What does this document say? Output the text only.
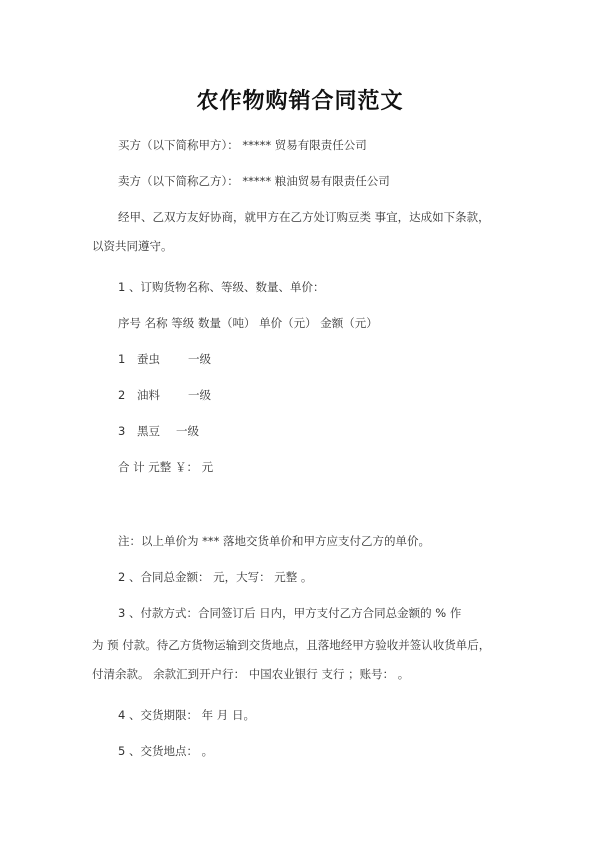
农作物购销合同范文
买方（以下简称甲方）： ***** 贸易有限责任公司
卖方（以下简称乙方）： ***** 粮油贸易有限责任公司
经甲、乙双方友好协商，就甲方在乙方处订购豆类 事宜，达成如下条款，
以资共同遵守。
1 、订购货物名称、等级、数量、单价：
序号 名称 等级 数量（吨） 单价（元） 金额（元）
1 蚕虫 一级
2 油料 一级
3 黑豆 一级
合 计 元整 ￥： 元
注：以上单价为 *** 落地交货单价和甲方应支付乙方的单价。
2 、合同总金额： 元，大写： 元整 。
3 、付款方式：合同签订后 日内，甲方支付乙方合同总金额的 % 作
为 预 付款。待乙方货物运输到交货地点，且落地经甲方验收并签认收货单后，
付清余款。 余款汇到开户行： 中国农业银行 支行 ；账号： 。
4 、交货期限： 年 月 日。
5 、交货地点： 。
